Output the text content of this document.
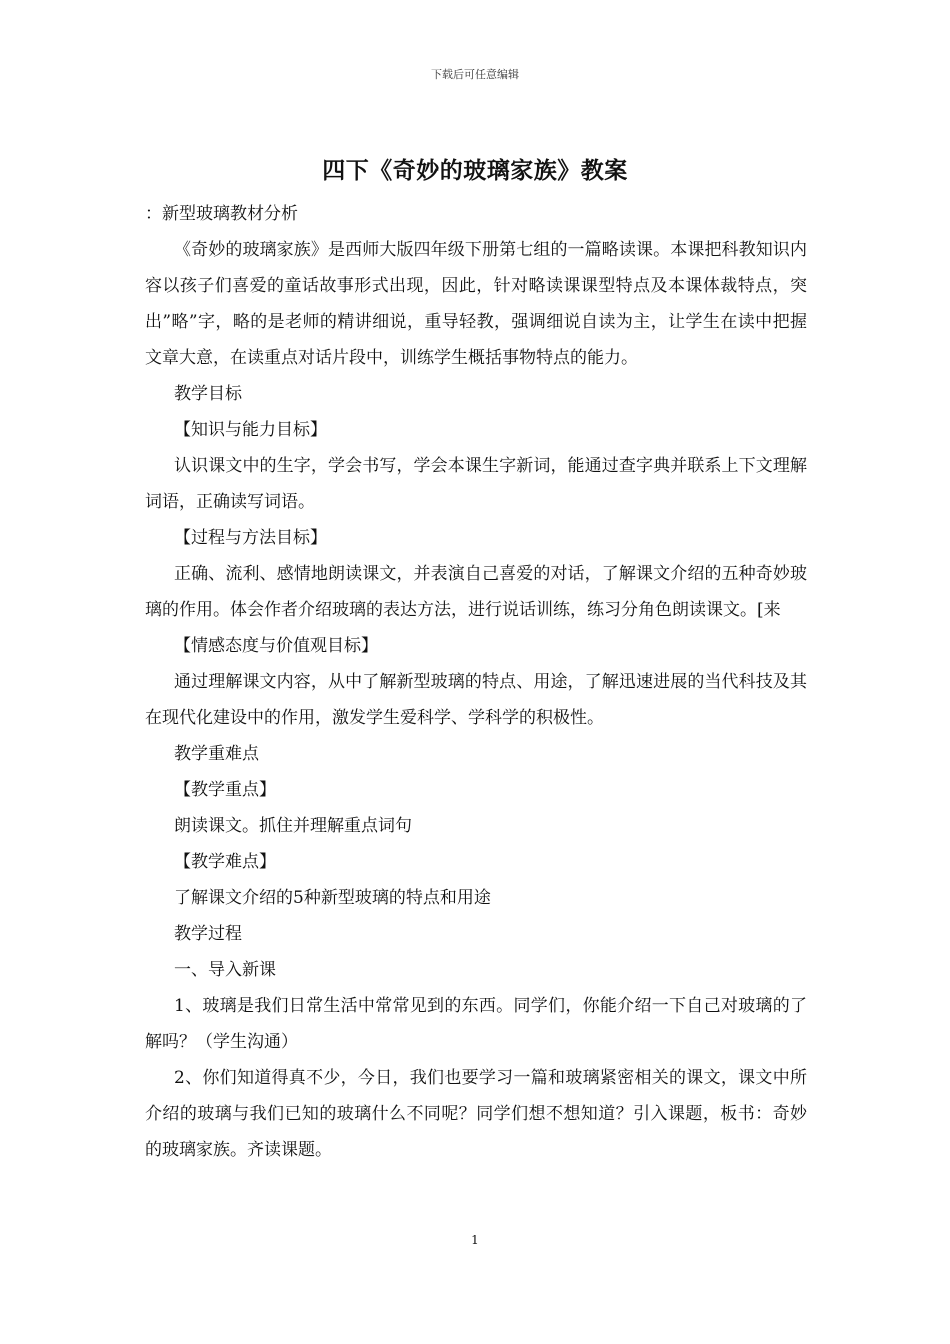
下载后可任意编辑
四下《奇妙的玻璃家族》教案

：新型玻璃教材分析

《奇妙的玻璃家族》是西师大版四年级下册第七组的一篇略读课。本课把科教知识内容以孩子们喜爱的童话故事形式出现，因此，针对略读课课型特点及本课体裁特点，突出”略”字，略的是老师的精讲细说，重导轻教，强调细说自读为主，让学生在读中把握文章大意，在读重点对话片段中，训练学生概括事物特点的能力。

教学目标

【知识与能力目标】

认识课文中的生字，学会书写，学会本课生字新词，能通过查字典并联系上下文理解词语，正确读写词语。

【过程与方法目标】

正确、流利、感情地朗读课文，并表演自己喜爱的对话，了解课文介绍的五种奇妙玻璃的作用。体会作者介绍玻璃的表达方法，进行说话训练，练习分角色朗读课文。[来

【情感态度与价值观目标】

通过理解课文内容，从中了解新型玻璃的特点、用途，了解迅速进展的当代科技及其在现代化建设中的作用，激发学生爱科学、学科学的积极性。

教学重难点

【教学重点】

朗读课文。抓住并理解重点词句

【教学难点】

了解课文介绍的5种新型玻璃的特点和用途

教学过程

一、导入新课

1、玻璃是我们日常生活中常常见到的东西。同学们，你能介绍一下自己对玻璃的了解吗？（学生沟通）

2、你们知道得真不少，今日，我们也要学习一篇和玻璃紧密相关的课文，课文中所介绍的玻璃与我们已知的玻璃什么不同呢？同学们想不想知道？引入课题，板书：奇妙的玻璃家族。齐读课题。

1
